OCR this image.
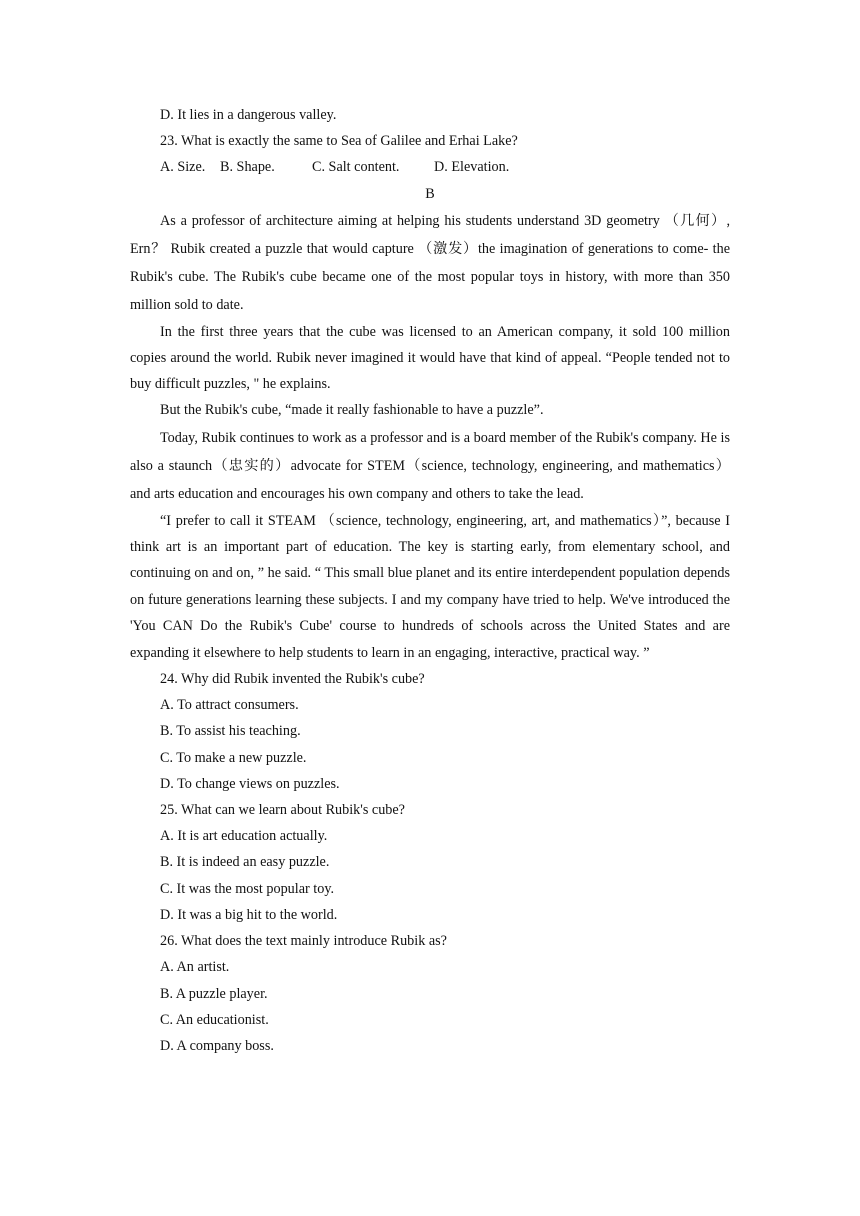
D. It lies in a dangerous valley.
23. What is exactly the same to Sea of Galilee and Erhai Lake?
A. Size. B. Shape.	C. Salt content. D. Elevation.
B
As a professor of architecture aiming at helping his students understand 3D geometry （几何）, Ern？ Rubik created a puzzle that would capture （激发）the imagination of generations to come- the Rubik's cube. The Rubik's cube became one of the most popular toys in history, with more than 350 million sold to date.
In the first three years that the cube was licensed to an American company, it sold 100 million copies around the world. Rubik never imagined it would have that kind of appeal. “People tended not to buy difficult puzzles, " he explains.
But the Rubik's cube, “made it really fashionable to have a puzzle”.
Today, Rubik continues to work as a professor and is a board member of the Rubik's company. He is also a staunch（忠实的）advocate for STEM（science, technology, engineering, and mathematics） and arts education and encourages his own company and others to take the lead.
“I prefer to call it STEAM （science, technology, engineering, art, and mathematics）”, because I think art is an important part of education. The key is starting early, from elementary school, and continuing on and on, ” he said. “ This small blue planet and its entire interdependent population depends on future generations learning these subjects. I and my company have tried to help. We've introduced the 'You CAN Do the Rubik's Cube' course to hundreds of schools across the United States and are expanding it elsewhere to help students to learn in an engaging, interactive, practical way. ”
24. Why did Rubik invented the Rubik's cube?
A. To attract consumers.
B. To assist his teaching.
C. To make a new puzzle.
D. To change views on puzzles.
25. What can we learn about Rubik's cube?
A. It is art education actually.
B. It is indeed an easy puzzle.
C. It was the most popular toy.
D. It was a big hit to the world.
26. What does the text mainly introduce Rubik as?
A. An artist.
B. A puzzle player.
C. An educationist.
D. A company boss.
